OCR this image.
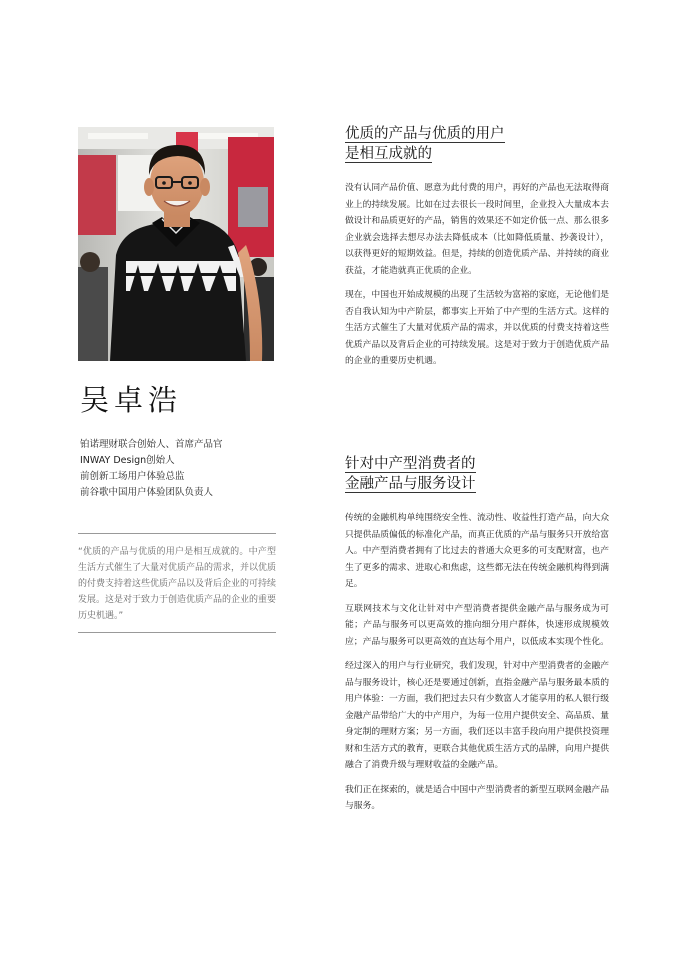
吴卓浩
铂诺理财联合创始人、首席产品官
INWAY Design创始人
前创新工场用户体验总监
前谷歌中国用户体验团队负责人
“优质的产品与优质的用户是相互成就的。中产型生活方式催生了大量对优质产品的需求，并以优质的付费支持着这些优质产品以及背后企业的可持续发展。这是对于致力于创造优质产品的企业的重要历史机遇。”
优质的产品与优质的用户
是相互成就的

没有认同产品价值、愿意为此付费的用户，再好的产品也无法取得商业上的持续发展。比如在过去很长一段时间里，企业投入大量成本去做设计和品质更好的产品，销售的效果还不如定价低一点、那么很多企业就会选择去想尽办法去降低成本（比如降低质量、抄袭设计），以获得更好的短期效益。但是，持续的创造优质产品、并持续的商业获益，才能造就真正优质的企业。

现在，中国也开始成规模的出现了生活较为富裕的家庭，无论他们是否自我认知为中产阶层，都事实上开始了中产型的生活方式。这样的生活方式催生了大量对优质产品的需求，并以优质的付费支持着这些优质产品以及背后企业的可持续发展。这是对于致力于创造优质产品的企业的重要历史机遇。

针对中产型消费者的
金融产品与服务设计

传统的金融机构单纯围绕安全性、流动性、收益性打造产品，向大众只提供品质偏低的标准化产品，而真正优质的产品与服务只开放给富人。中产型消费者拥有了比过去的普通大众更多的可支配财富，也产生了更多的需求、进取心和焦虑，这些都无法在传统金融机构得到满足。

互联网技术与文化让针对中产型消费者提供金融产品与服务成为可能；产品与服务可以更高效的推向细分用户群体，快速形成规模效应；产品与服务可以更高效的直达每个用户，以低成本实现个性化。

经过深入的用户与行业研究，我们发现，针对中产型消费者的金融产品与服务设计，核心还是要通过创新，直指金融产品与服务最本质的用户体验：一方面，我们把过去只有少数富人才能享用的私人银行级金融产品带给广大的中产用户，为每一位用户提供安全、高品质、量身定制的理财方案；另一方面，我们还以丰富手段向用户提供投资理财和生活方式的教育，更联合其他优质生活方式的品牌，向用户提供融合了消费升级与理财收益的金融产品。

我们正在探索的，就是适合中国中产型消费者的新型互联网金融产品与服务。
